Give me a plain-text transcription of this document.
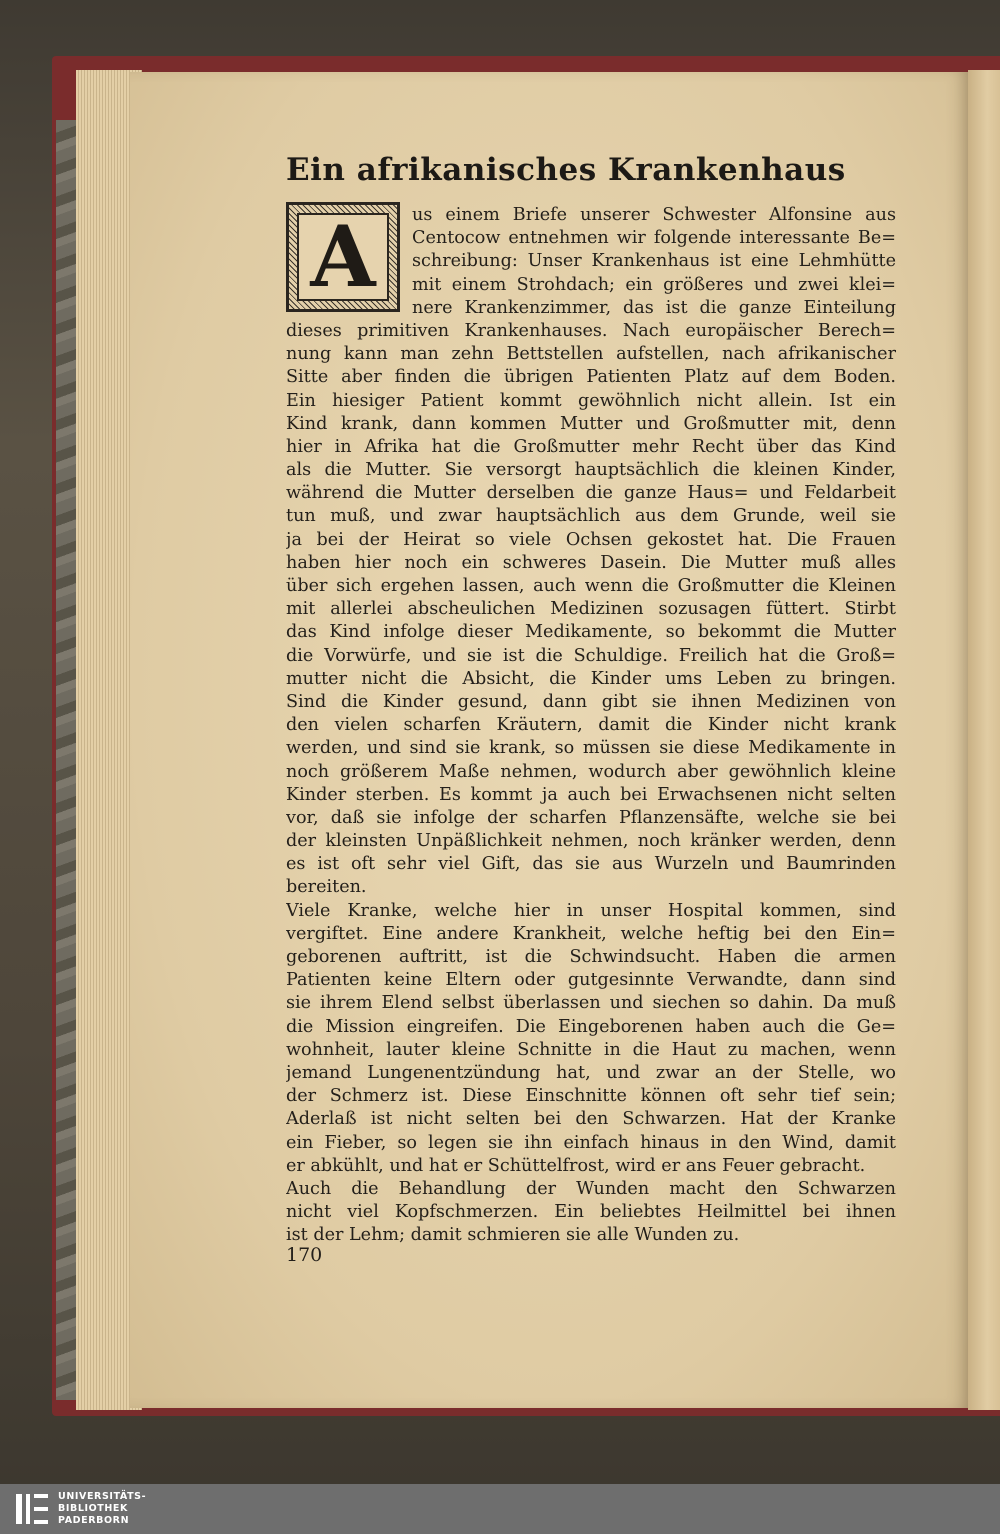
Ein afrikanisches Krankenhaus
A us einem Briefe unserer Schwester Alfonsine aus
Centocow entnehmen wir folgende interessante Be=
schreibung: Unser Krankenhaus ist eine Lehmhütte
mit einem Strohdach; ein größeres und zwei klei=
nere Krankenzimmer, das ist die ganze Einteilung
dieses primitiven Krankenhauses. Nach europäischer Berech=
nung kann man zehn Bettstellen aufstellen, nach afrikanischer
Sitte aber finden die übrigen Patienten Platz auf dem Boden.
Ein hiesiger Patient kommt gewöhnlich nicht allein. Ist ein
Kind krank, dann kommen Mutter und Großmutter mit, denn
hier in Afrika hat die Großmutter mehr Recht über das Kind
als die Mutter. Sie versorgt hauptsächlich die kleinen Kinder,
während die Mutter derselben die ganze Haus= und Feldarbeit
tun muß, und zwar hauptsächlich aus dem Grunde, weil sie
ja bei der Heirat so viele Ochsen gekostet hat. Die Frauen
haben hier noch ein schweres Dasein. Die Mutter muß alles
über sich ergehen lassen, auch wenn die Großmutter die Kleinen
mit allerlei abscheulichen Medizinen sozusagen füttert. Stirbt
das Kind infolge dieser Medikamente, so bekommt die Mutter
die Vorwürfe, und sie ist die Schuldige. Freilich hat die Groß=
mutter nicht die Absicht, die Kinder ums Leben zu bringen.
Sind die Kinder gesund, dann gibt sie ihnen Medizinen von
den vielen scharfen Kräutern, damit die Kinder nicht krank
werden, und sind sie krank, so müssen sie diese Medikamente in
noch größerem Maße nehmen, wodurch aber gewöhnlich kleine
Kinder sterben. Es kommt ja auch bei Erwachsenen nicht selten
vor, daß sie infolge der scharfen Pflanzensäfte, welche sie bei
der kleinsten Unpäßlichkeit nehmen, noch kränker werden, denn
es ist oft sehr viel Gift, das sie aus Wurzeln und Baumrinden
bereiten.
Viele Kranke, welche hier in unser Hospital kommen, sind
vergiftet. Eine andere Krankheit, welche heftig bei den Ein=
geborenen auftritt, ist die Schwindsucht. Haben die armen
Patienten keine Eltern oder gutgesinnte Verwandte, dann sind
sie ihrem Elend selbst überlassen und siechen so dahin. Da muß
die Mission eingreifen. Die Eingeborenen haben auch die Ge=
wohnheit, lauter kleine Schnitte in die Haut zu machen, wenn
jemand Lungenentzündung hat, und zwar an der Stelle, wo
der Schmerz ist. Diese Einschnitte können oft sehr tief sein;
Aderlaß ist nicht selten bei den Schwarzen. Hat der Kranke
ein Fieber, so legen sie ihn einfach hinaus in den Wind, damit
er abkühlt, und hat er Schüttelfrost, wird er ans Feuer gebracht.
Auch die Behandlung der Wunden macht den Schwarzen
nicht viel Kopfschmerzen. Ein beliebtes Heilmittel bei ihnen
ist der Lehm; damit schmieren sie alle Wunden zu.
170
UNIVERSITÄTS-
BIBLIOTHEK
PADERBORN
